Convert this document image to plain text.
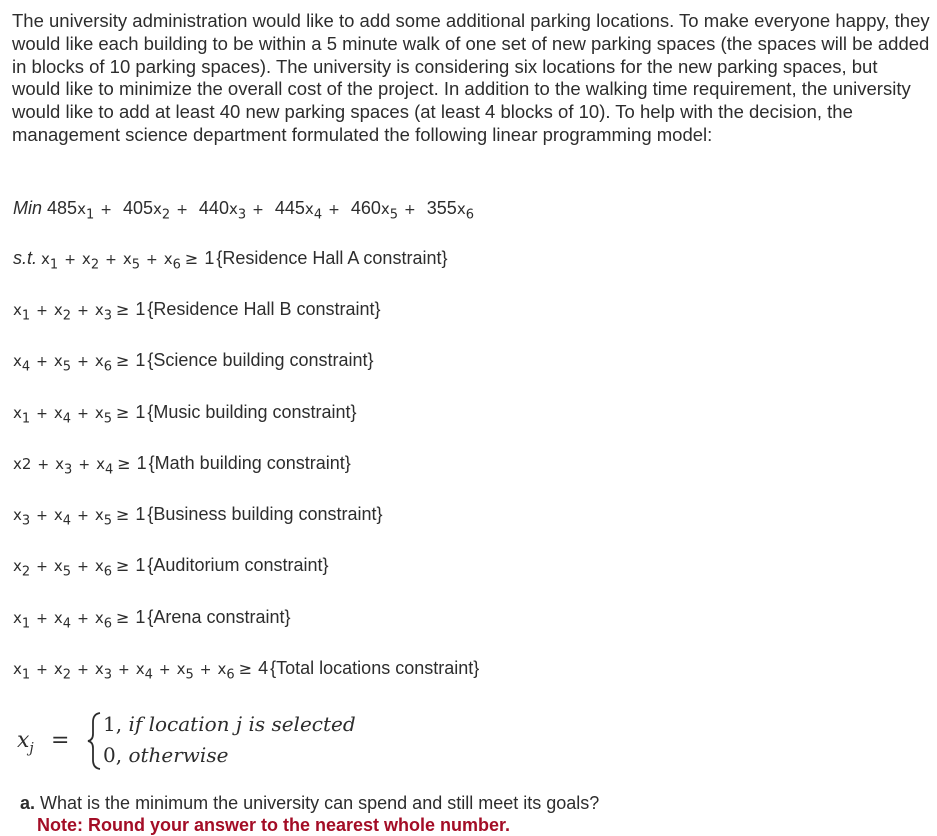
The university administration would like to add some additional parking locations. To make everyone happy, they would like each building to be within a 5 minute walk of one set of new parking spaces (the spaces will be added in blocks of 10 parking spaces). The university is considering six locations for the new parking spaces, but would like to minimize the overall cost of the project. In addition to the walking time requirement, the university would like to add at least 40 new parking spaces (at least 4 blocks of 10). To help with the decision, the management science department formulated the following linear programming model:
Min $485x_1 + 405x_2 + 440x_3 + 445x_4 + 460x_5 + 355x_6$
s.t. $x_1 + x_2 + x_5 + x_6 \ge 1$ {Residence Hall A constraint}
$x_1 + x_2 + x_3 \ge 1$ {Residence Hall B constraint}
$x_4 + x_5 + x_6 \ge 1$ {Science building constraint}
$x_1 + x_4 + x_5 \ge 1$ {Music building constraint}
$x2 + x_3 + x_4 \ge 1$ {Math building constraint}
$x_3 + x_4 + x_5 \ge 1$ {Business building constraint}
$x_2 + x_5 + x_6 \ge 1$ {Auditorium constraint}
$x_1 + x_4 + x_6 \ge 1$ {Arena constraint}
$x_1 + x_2 + x_3 + x_4 + x_5 + x_6 \ge 4$ {Total locations constraint}
$x_j$ =
1, if location j is selected
0, otherwise
a. What is the minimum the university can spend and still meet its goals?
Note: Round your answer to the nearest whole number.
